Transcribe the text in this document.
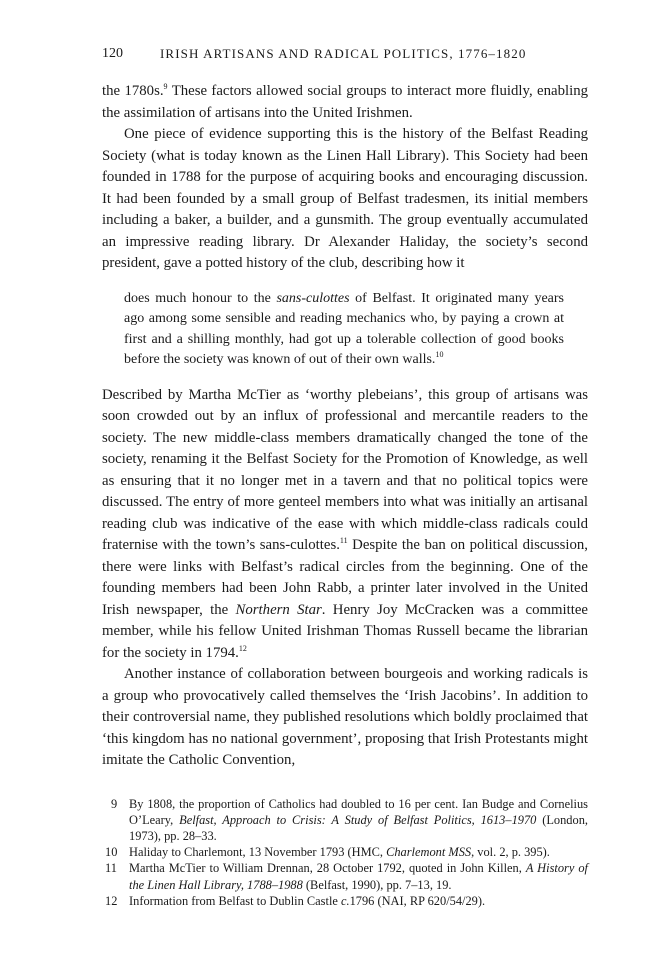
120	IRISH ARTISANS AND RADICAL POLITICS, 1776–1820

the 1780s.$^9$ These factors allowed social groups to interact more fluidly, enabling the assimilation of artisans into the United Irishmen.

One piece of evidence supporting this is the history of the Belfast Reading Society (what is today known as the Linen Hall Library). This Society had been founded in 1788 for the purpose of acquiring books and encouraging discussion. It had been founded by a small group of Belfast tradesmen, its initial members including a baker, a builder, and a gunsmith. The group eventually accumulated an impressive reading library. Dr Alexander Haliday, the society’s second president, gave a potted history of the club, describing how it

does much honour to the sans-culottes of Belfast. It originated many years ago among some sensible and reading mechanics who, by paying a crown at first and a shilling monthly, had got up a tolerable collection of good books before the society was known of out of their own walls.$^{10}$

Described by Martha McTier as ‘worthy plebeians’, this group of artisans was soon crowded out by an influx of professional and mercantile readers to the society. The new middle-class members dramatically changed the tone of the society, renaming it the Belfast Society for the Promotion of Knowledge, as well as ensuring that it no longer met in a tavern and that no political topics were discussed. The entry of more genteel members into what was initially an artisanal reading club was indicative of the ease with which middle-class radicals could fraternise with the town’s sans-culottes.$^{11}$ Despite the ban on political discussion, there were links with Belfast’s radical circles from the beginning. One of the founding members had been John Rabb, a printer later involved in the United Irish newspaper, the Northern Star. Henry Joy McCracken was a committee member, while his fellow United Irishman Thomas Russell became the librarian for the society in 1794.12

Another instance of collaboration between bourgeois and working radicals is a group who provocatively called themselves the ‘Irish Jacobins’. In addition to their controversial name, they published resolutions which boldly proclaimed that ‘this kingdom has no national government’, proposing that Irish Protestants might imitate the Catholic Convention,

9 By 1808, the proportion of Catholics had doubled to 16 per cent. Ian Budge and Cornelius O’Leary, Belfast, Approach to Crisis: A Study of Belfast Politics, 1613–1970 (London, 1973), pp. 28–33.

10 Haliday to Charlemont, 13 November 1793 (HMC, Charlemont MSS, vol. 2, p. 395).

11 Martha McTier to William Drennan, 28 October 1792, quoted in John Killen, A History of the Linen Hall Library, 1788–1988 (Belfast, 1990), pp. 7–13, 19.

12 Information from Belfast to Dublin Castle c.1796 (NAI, RP 620/54/29).
